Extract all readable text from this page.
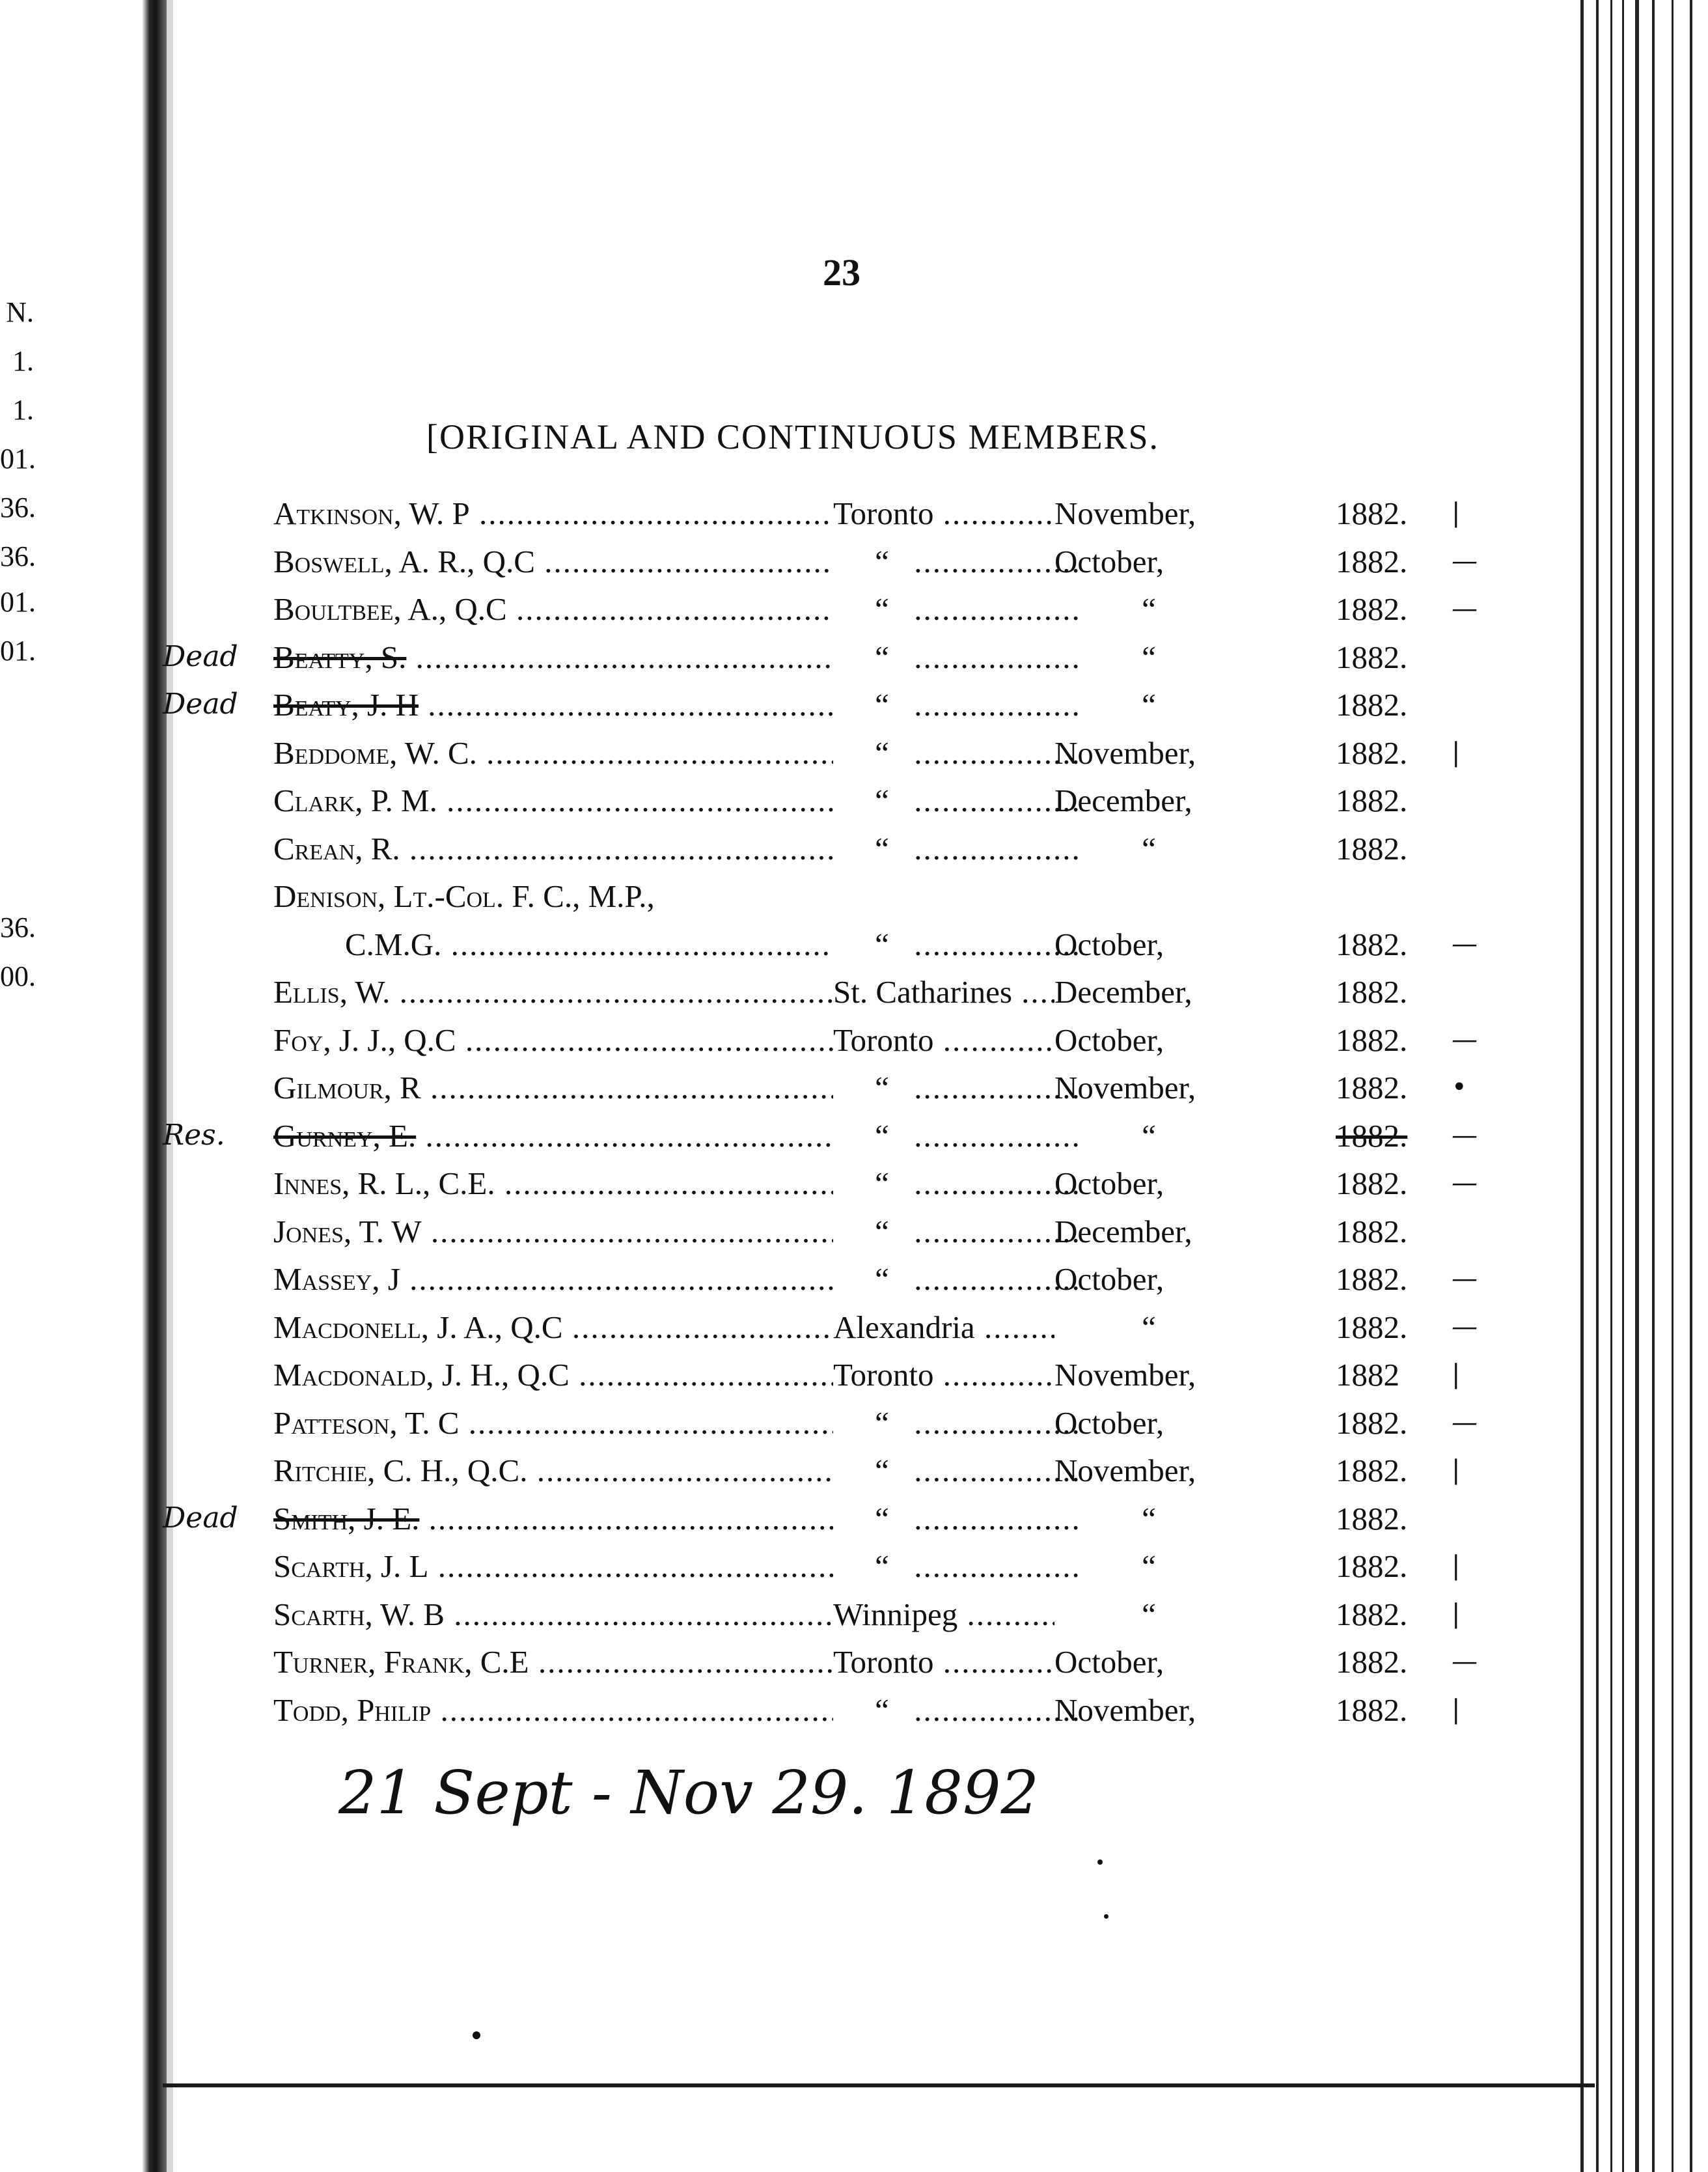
N.
1.
1.
01.
36.
36.
01.
01.
36.
00.
23
[ORIGINAL AND CONTINUOUS MEMBERS.
Atkinson, W. P .....	Toronto .....	November,	1882.	|
Boswell, A. R., Q.C .....	“ .....	October,	1882.	—
Boultbee, A., Q.C .....	“ .....	“	1882.	—
Beatty, S. .....	“ .....	“	1882.
Beaty, J. H .....	“ .....	“	1882.
Beddome, W. C. .....	“ .....	November,	1882.	|
Clark, P. M. .....	“ .....	December,	1882.
Crean, R. .....	“ .....	“	1882.
Denison, Lt.-Col. F. C., M.P.,
C.M.G. .....	“ .....	October,	1882.	—
Ellis, W. .....	St. Catharines .....	December,	1882.
Foy, J. J., Q.C .....	Toronto .....	October,	1882.	—
Gilmour, R .....	“ .....	November,	1882.	•
Gurney, E. .....	“ .....	“	1882.	—
Innes, R. L., C.E. .....	“ .....	October,	1882.	—
Jones, T. W .....	“ .....	December,	1882.
Massey, J .....	“ .....	October,	1882.	—
Macdonell, J. A., Q.C .....	Alexandria .....	“	1882.	—
Macdonald, J. H., Q.C .....	Toronto .....	November,	1882	|
Patteson, T. C .....	“ .....	October,	1882.	—
Ritchie, C. H., Q.C. .....	“ .....	November,	1882.	|
Smith, J. E. .....	“ .....	“	1882.
Scarth, J. L .....	“ .....	“	1882.	|
Scarth, W. B .....	Winnipeg .....	“	1882.	|
Turner, Frank, C.E .....	Toronto .....	October,	1882.	—
Todd, Philip .....	“ .....	November,	1882.	|
21 Sept - Nov 29. 1892
Dead
Dead
Res.
Dead
